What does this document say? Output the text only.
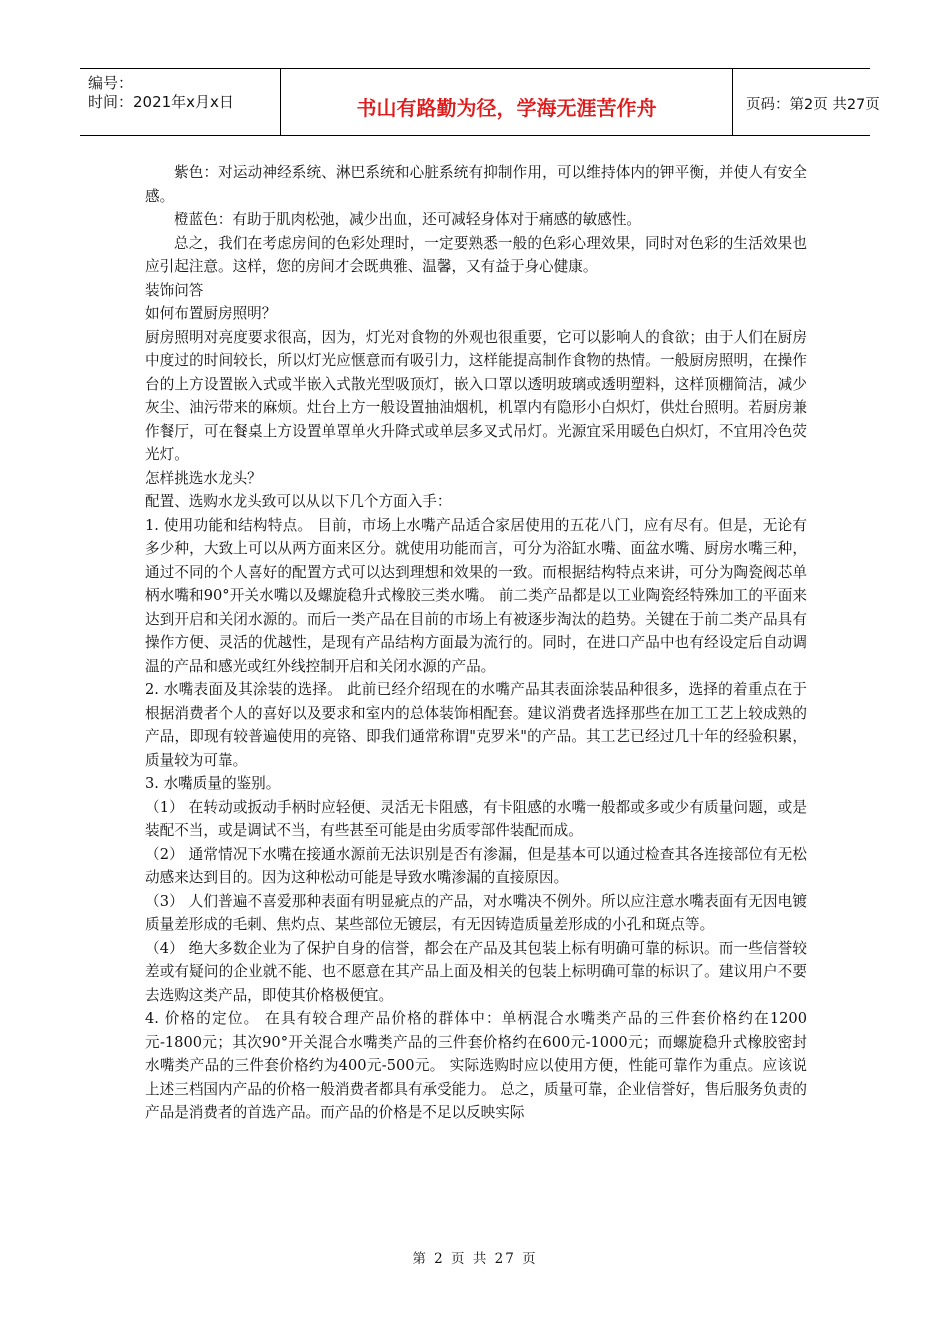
编号：
时间：2021年x月x日	书山有路勤为径，学海无涯苦作舟	页码：第2页 共27页

紫色：对运动神经系统、淋巴系统和心脏系统有抑制作用，可以维持体内的钾平衡，并使人有安全感。

橙蓝色：有助于肌肉松弛，减少出血，还可减轻身体对于痛感的敏感性。

总之，我们在考虑房间的色彩处理时，一定要熟悉一般的色彩心理效果，同时对色彩的生活效果也应引起注意。这样，您的房间才会既典雅、温馨，又有益于身心健康。

装饰问答

如何布置厨房照明？

厨房照明对亮度要求很高，因为，灯光对食物的外观也很重要，它可以影响人的食欲；由于人们在厨房中度过的时间较长，所以灯光应惬意而有吸引力，这样能提高制作食物的热情。一般厨房照明，在操作台的上方设置嵌入式或半嵌入式散光型吸顶灯，嵌入口罩以透明玻璃或透明塑料，这样顶棚简洁，减少灰尘、油污带来的麻烦。灶台上方一般设置抽油烟机，机罩内有隐形小白炽灯，供灶台照明。若厨房兼作餐厅，可在餐桌上方设置单罩单火升降式或单层多叉式吊灯。光源宜采用暖色白炽灯，不宜用冷色荧光灯。

怎样挑选水龙头？

配置、选购水龙头致可以从以下几个方面入手：

1. 使用功能和结构特点。 目前，市场上水嘴产品适合家居使用的五花八门，应有尽有。但是，无论有多少种，大致上可以从两方面来区分。就使用功能而言，可分为浴缸水嘴、面盆水嘴、厨房水嘴三种，通过不同的个人喜好的配置方式可以达到理想和效果的一致。而根据结构特点来讲，可分为陶瓷阀芯单柄水嘴和90°开关水嘴以及螺旋稳升式橡胶三类水嘴。 前二类产品都是以工业陶瓷经特殊加工的平面来达到开启和关闭水源的。而后一类产品在目前的市场上有被逐步淘汰的趋势。关键在于前二类产品具有操作方便、灵活的优越性，是现有产品结构方面最为流行的。同时，在进口产品中也有经设定后自动调温的产品和感光或红外线控制开启和关闭水源的产品。

2. 水嘴表面及其涂装的选择。 此前已经介绍现在的水嘴产品其表面涂装品种很多，选择的着重点在于根据消费者个人的喜好以及要求和室内的总体装饰相配套。建议消费者选择那些在加工工艺上较成熟的产品，即现有较普遍使用的亮铬、即我们通常称谓"克罗米"的产品。其工艺已经过几十年的经验积累，质量较为可靠。

3. 水嘴质量的鉴别。

（1） 在转动或扳动手柄时应轻便、灵活无卡阻感，有卡阻感的水嘴一般都或多或少有质量问题，或是装配不当，或是调试不当，有些甚至可能是由劣质零部件装配而成。

（2） 通常情况下水嘴在接通水源前无法识别是否有渗漏，但是基本可以通过检查其各连接部位有无松动感来达到目的。因为这种松动可能是导致水嘴渗漏的直接原因。

（3） 人们普遍不喜爱那种表面有明显疵点的产品，对水嘴决不例外。所以应注意水嘴表面有无因电镀质量差形成的毛刺、焦灼点、某些部位无镀层，有无因铸造质量差形成的小孔和斑点等。

（4） 绝大多数企业为了保护自身的信誉，都会在产品及其包装上标有明确可靠的标识。而一些信誉较差或有疑问的企业就不能、也不愿意在其产品上面及相关的包装上标明确可靠的标识了。建议用户不要去选购这类产品，即使其价格极便宜。

4. 价格的定位。 在具有较合理产品价格的群体中：单柄混合水嘴类产品的三件套价格约在1200元-1800元；其次90°开关混合水嘴类产品的三件套价格约在600元-1000元；而螺旋稳升式橡胶密封水嘴类产品的三件套价格约为400元-500元。 实际选购时应以使用方便，性能可靠作为重点。应该说上述三档国内产品的价格一般消费者都具有承受能力。 总之，质量可靠，企业信誉好，售后服务负责的产品是消费者的首选产品。而产品的价格是不足以反映实际

第 2 页 共 27 页
